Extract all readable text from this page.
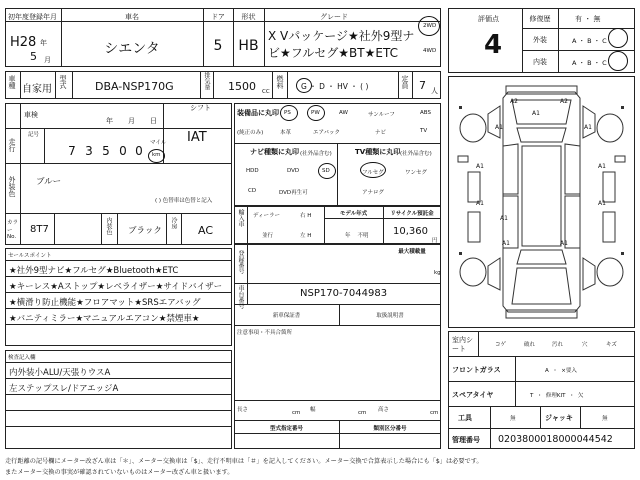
初年度登録年月	車名	ドア	形状	グレード
H28 年
5 月
シエンタ	5	HB
X Vパッケージ★社外9型ナ
ビ★フルセグ★BT★ETC
2WD
4WD
車種
自家用
型式	DBA-NSP170G	排気量 1500 CC
燃料 G ・ D ・ HV ・ ( )	定員 7 人
評価点
4
修復歴	有 ・ 無
外装	A ・ B ・ C
内装	A ・ B ・ C
車検
年 月 日
シフト
IAT
走行
記号
7 3 5 0 0
マイル
km
外装色 ブルー
( ) 色替車は色替と記入
カラーNo.
8T7	内装色 ブラック
冷房
AC
装備品に丸印
(純正のみ)
PS	PW	AW	サンルーフ	ABS
本革	エアバック	ナビ	TV
ナビ種類に丸印 (社外品含む)
HDD	DVD	SD
CD	DVD再生可
TV種類に丸印 (社外品含む)
フルセグ	ワンセグ
アナログ
輸入車 ディーラー
並行
右 H
左 H
モデル年式
年    不明
リサイクル預託金
10,360
円
最大積載量
kg
登録番号
車台番号	NSP170-7044983
新車保証書	取扱説明書
注意事項・不具合箇所
長さ	cm 幅	cm 高さ	cm
型式指定番号	類別区分番号
セールスポイント
★社外9型ナビ★フルセグ★Bluetooth★ETC
★キーレス★Aストップ★レベライザー★サイドバイザー
★横滑り防止機能★フロアマット★SRSエアバッグ
★バニティミラー★マニュアルエアコン★禁煙車★
検査記入欄
内外装小ALU/天張りウスA
左ステップスレ/ドアエッジA
A2	A2
A1
A1	A1
A1
A1
A1
A1	A1
A1
A1
室内シート	コゲ	破れ	汚れ	穴	キズ
フロントガラス	A  ・  ×要入
スペアタイヤ	T  ・  修理KIT  ・  欠
工具	無	ジャッキ	無
管理番号 0203800018000044542
走行距離の記号欄にメーター改ざん車は「＊」、メーター交換車は「$」、走行不明車は「＃」を記入してください。メーター交換で合算表示した場合にも「$」は必要です。
またメーター交換の事実が確認されていないものはメーター改ざん車と扱います。
